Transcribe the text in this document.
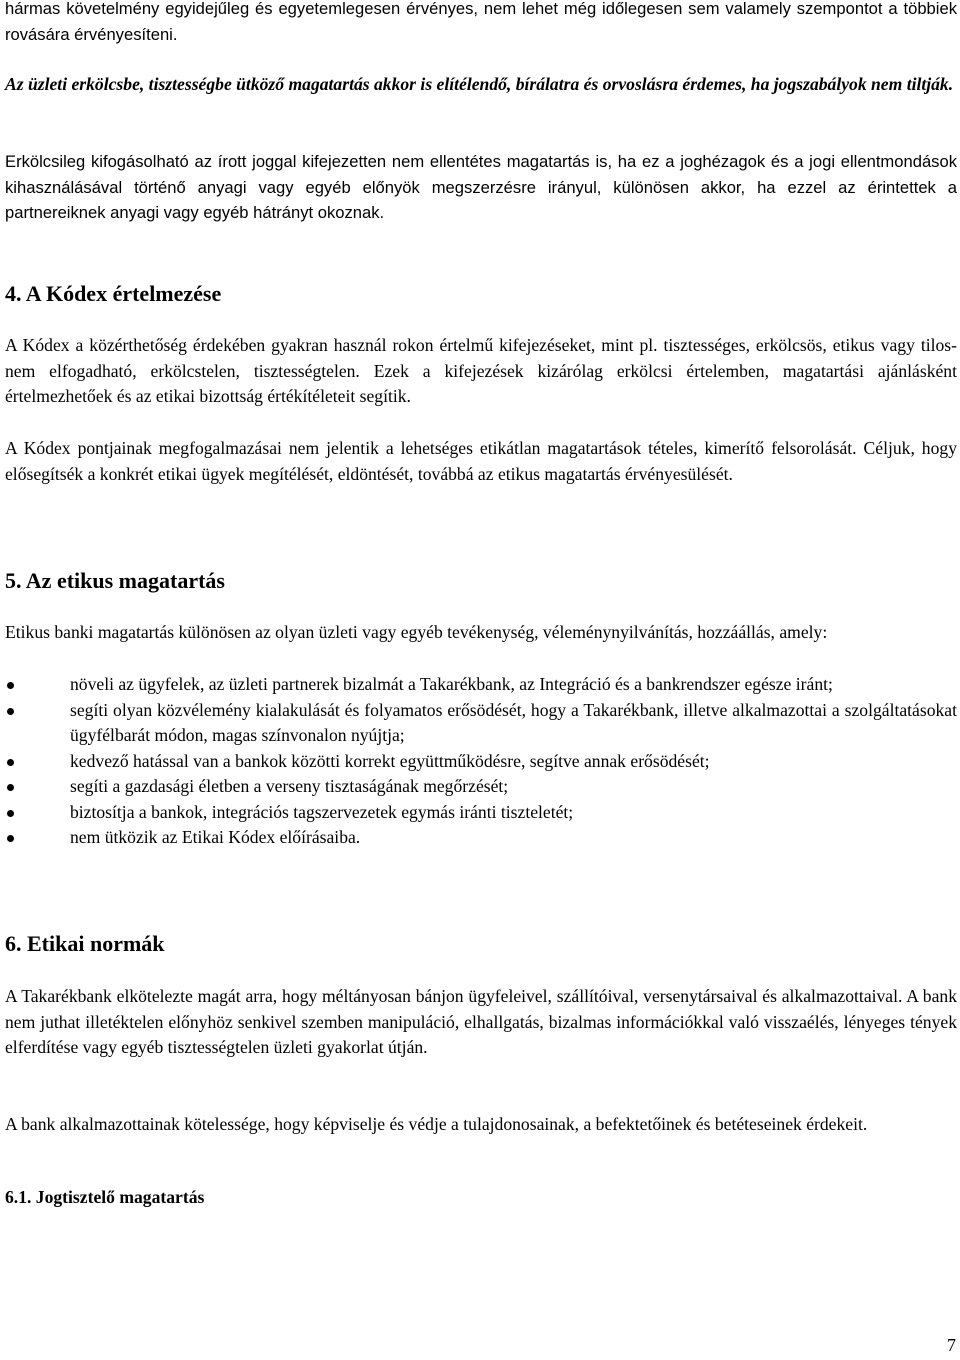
hármas követelmény egyidejűleg és egyetemlegesen érvényes, nem lehet még időlegesen sem valamely szempontot a többiek rovására érvényesíteni.

Az üzleti erkölcsbe, tisztességbe ütköző magatartás akkor is elítélendő, bírálatra és orvoslásra érdemes, ha jogszabályok nem tiltják.

Erkölcsileg kifogásolható az írott joggal kifejezetten nem ellentétes magatartás is, ha ez a joghézagok és a jogi ellentmondások kihasználásával történő anyagi vagy egyéb előnyök megszerzésre irányul, különösen akkor, ha ezzel az érintettek a partnereiknek anyagi vagy egyéb hátrányt okoznak.

4. A Kódex értelmezése

A Kódex a közérthetőség érdekében gyakran használ rokon értelmű kifejezéseket, mint pl. tisztességes, erkölcsös, etikus vagy tilos-nem elfogadható, erkölcstelen, tisztességtelen. Ezek a kifejezések kizárólag erkölcsi értelemben, magatartási ajánlásként értelmezhetőek és az etikai bizottság értékítéleteit segítik.

A Kódex pontjainak megfogalmazásai nem jelentik a lehetséges etikátlan magatartások tételes, kimerítő felsorolását. Céljuk, hogy elősegítsék a konkrét etikai ügyek megítélését, eldöntését, továbbá az etikus magatartás érvényesülését.

5. Az etikus magatartás

Etikus banki magatartás különösen az olyan üzleti vagy egyéb tevékenység, véleménynyilvánítás, hozzáállás, amely:

növeli az ügyfelek, az üzleti partnerek bizalmát a Takarékbank, az Integráció és a bankrendszer egésze iránt;
segíti olyan közvélemény kialakulását és folyamatos erősödését, hogy a Takarékbank, illetve alkalmazottai a szolgáltatásokat ügyfélbarát módon, magas színvonalon nyújtja;
kedvező hatással van a bankok közötti korrekt együttműködésre, segítve annak erősödését;
segíti a gazdasági életben a verseny tisztaságának megőrzését;
biztosítja a bankok, integrációs tagszervezetek egymás iránti tiszteletét;
nem ütközik az Etikai Kódex előírásaiba.
6. Etikai normák

A Takarékbank elkötelezte magát arra, hogy méltányosan bánjon ügyfeleivel, szállítóival, versenytársaival és alkalmazottaival. A bank nem juthat illetéktelen előnyhöz senkivel szemben manipuláció, elhallgatás, bizalmas információkkal való visszaélés, lényeges tények elferdítése vagy egyéb tisztességtelen üzleti gyakorlat útján.

A bank alkalmazottainak kötelessége, hogy képviselje és védje a tulajdonosainak, a befektetőinek és betéteseinek érdekeit.

6.1. Jogtisztelő magatartás
7
